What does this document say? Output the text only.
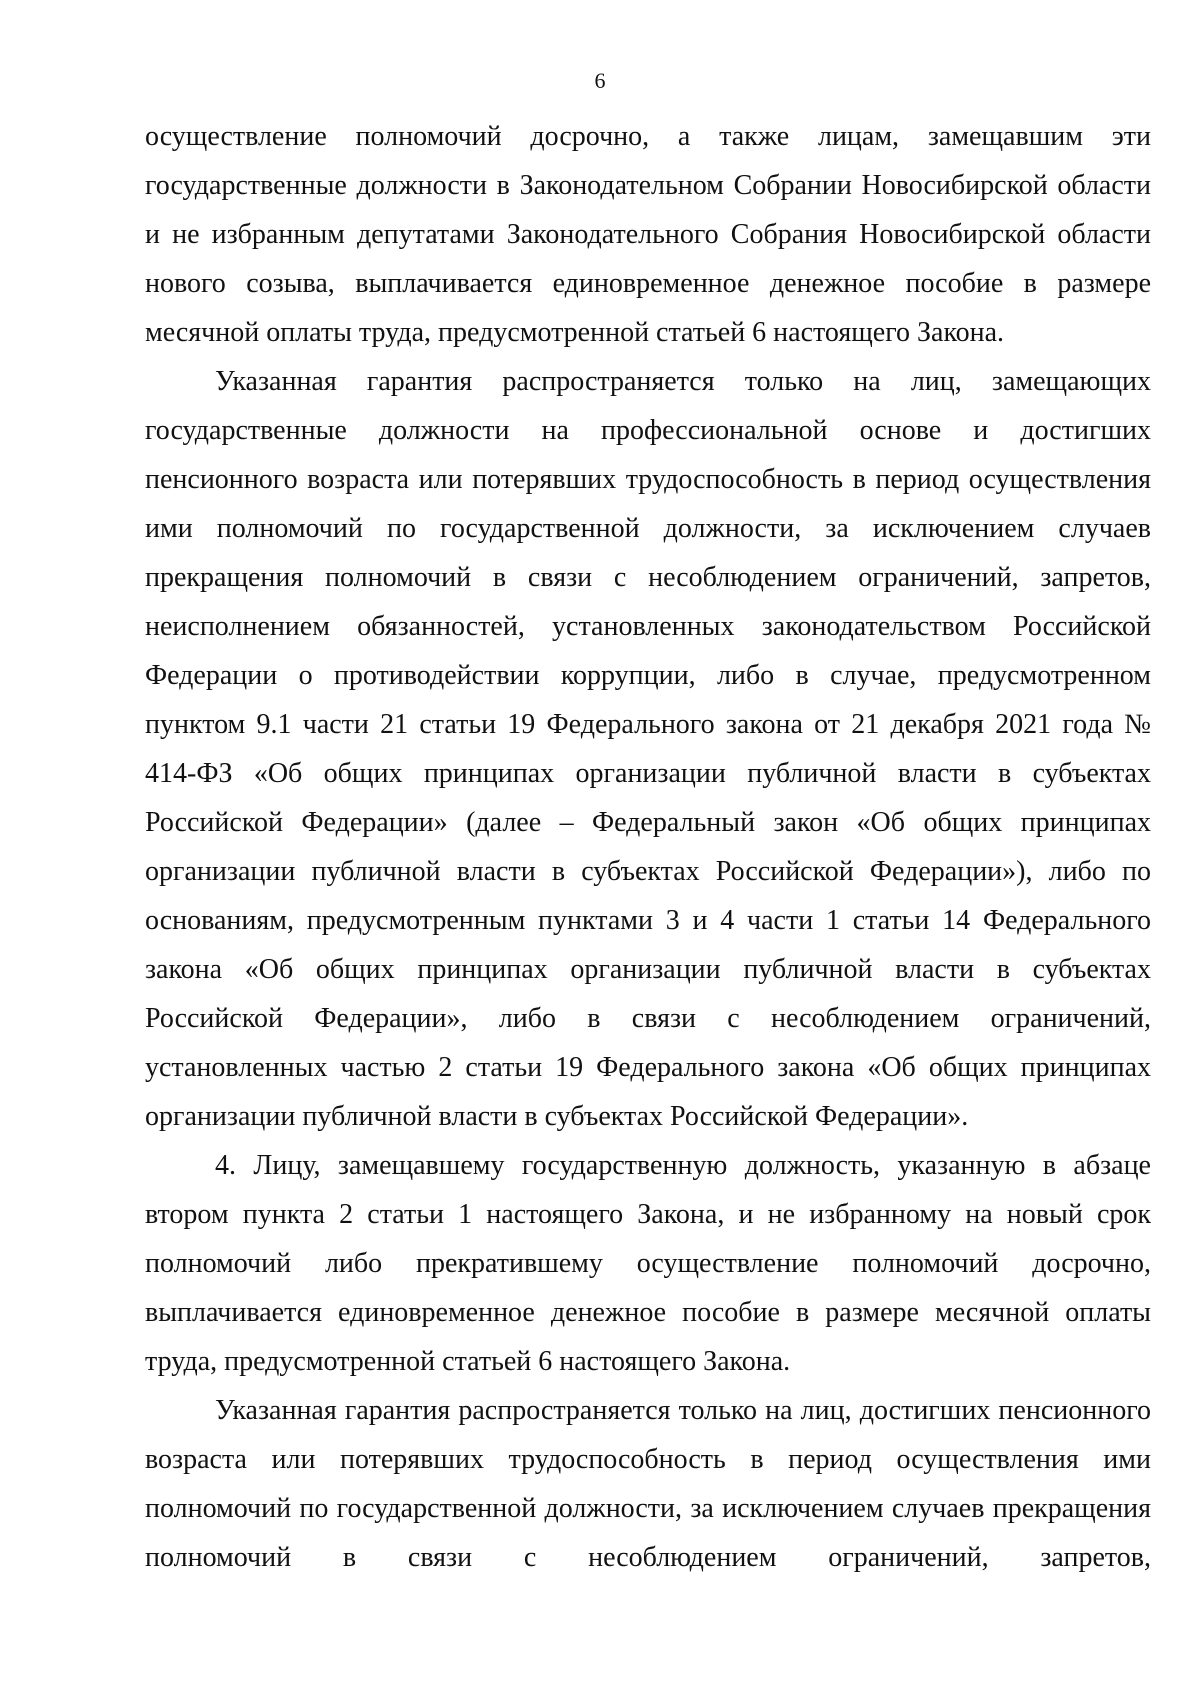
6

осуществление полномочий досрочно, а также лицам, замещавшим эти государственные должности в Законодательном Собрании Новосибирской области и не избранным депутатами Законодательного Собрания Новосибирской области нового созыва, выплачивается единовременное денежное пособие в размере месячной оплаты труда, предусмотренной статьей 6 настоящего Закона.

Указанная гарантия распространяется только на лиц, замещающих государственные должности на профессиональной основе и достигших пенсионного возраста или потерявших трудоспособность в период осуществления ими полномочий по государственной должности, за исключением случаев прекращения полномочий в связи с несоблюдением ограничений, запретов, неисполнением обязанностей, установленных законодательством Российской Федерации о противодействии коррупции, либо в случае, предусмотренном пунктом 9.1 части 21 статьи 19 Федерального закона от 21 декабря 2021 года № 414-ФЗ «Об общих принципах организации публичной власти в субъектах Российской Федерации» (далее – Федеральный закон «Об общих принципах организации публичной власти в субъектах Российской Федерации»), либо по основаниям, предусмотренным пунктами 3 и 4 части 1 статьи 14 Федерального закона «Об общих принципах организации публичной власти в субъектах Российской Федерации», либо в связи с несоблюдением ограничений, установленных частью 2 статьи 19 Федерального закона «Об общих принципах организации публичной власти в субъектах Российской Федерации».

4. Лицу, замещавшему государственную должность, указанную в абзаце втором пункта 2 статьи 1 настоящего Закона, и не избранному на новый срок полномочий либо прекратившему осуществление полномочий досрочно, выплачивается единовременное денежное пособие в размере месячной оплаты труда, предусмотренной статьей 6 настоящего Закона.

Указанная гарантия распространяется только на лиц, достигших пенсионного возраста или потерявших трудоспособность в период осуществления ими полномочий по государственной должности, за исключением случаев прекращения полномочий в связи с несоблюдением ограничений, запретов,
